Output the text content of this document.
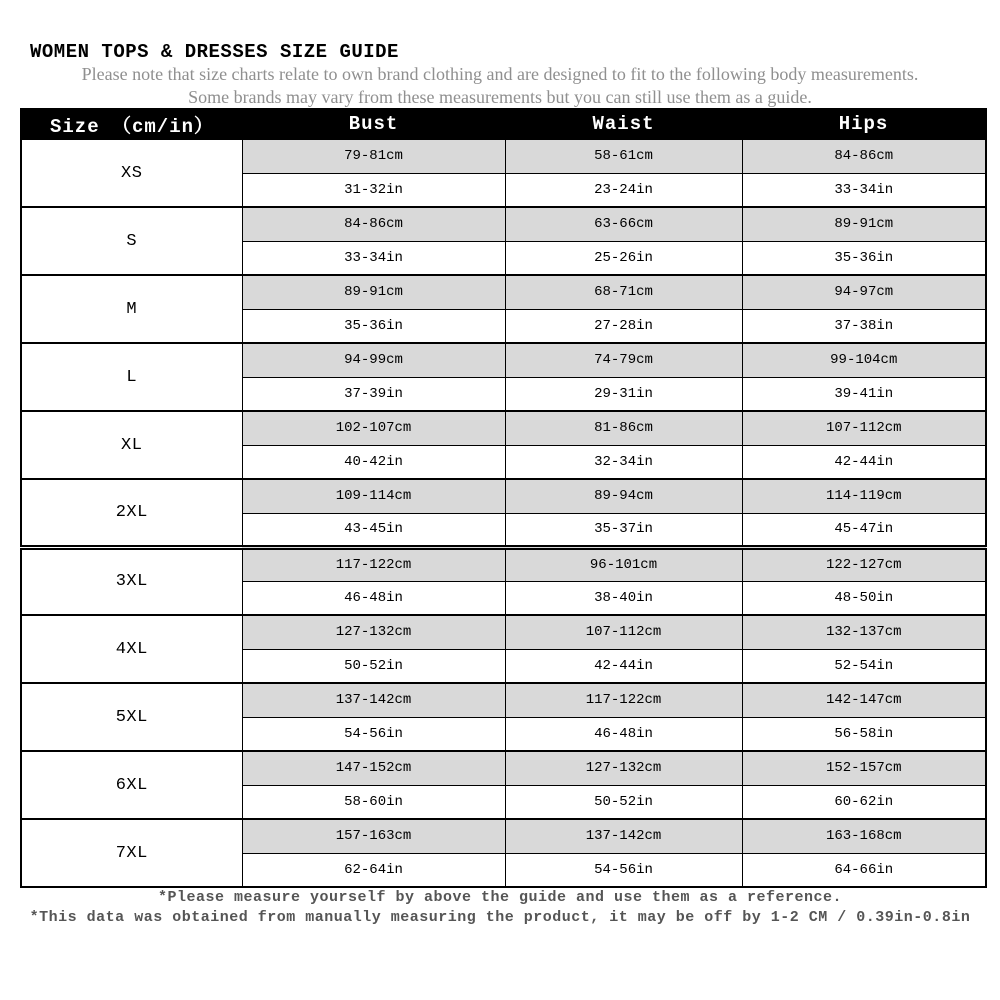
WOMEN TOPS & DRESSES SIZE GUIDE

Please note that size charts relate to own brand clothing and are designed to fit to the following body measurements.

Some brands may vary from these measurements but you can still use them as a guide.

Size （cm/in）	Bust	Waist	Hips
XS	79-81cm	58-61cm	84-86cm
	31-32in	23-24in	33-34in
S	84-86cm	63-66cm	89-91cm
	33-34in	25-26in	35-36in
M	89-91cm	68-71cm	94-97cm
	35-36in	27-28in	37-38in
L	94-99cm	74-79cm	99-104cm
	37-39in	29-31in	39-41in
XL	102-107cm	81-86cm	107-112cm
	40-42in	32-34in	42-44in
2XL	109-114cm	89-94cm	114-119cm
	43-45in	35-37in	45-47in
3XL	117-122cm	96-101cm	122-127cm
	46-48in	38-40in	48-50in
4XL	127-132cm	107-112cm	132-137cm
	50-52in	42-44in	52-54in
5XL	137-142cm	117-122cm	142-147cm
	54-56in	46-48in	56-58in
6XL	147-152cm	127-132cm	152-157cm
	58-60in	50-52in	60-62in
7XL	157-163cm	137-142cm	163-168cm
	62-64in	54-56in	64-66in

*Please measure yourself by above the guide and use them as a reference.

*This data was obtained from manually measuring the product, it may be off by 1-2 CM / 0.39in-0.8in
